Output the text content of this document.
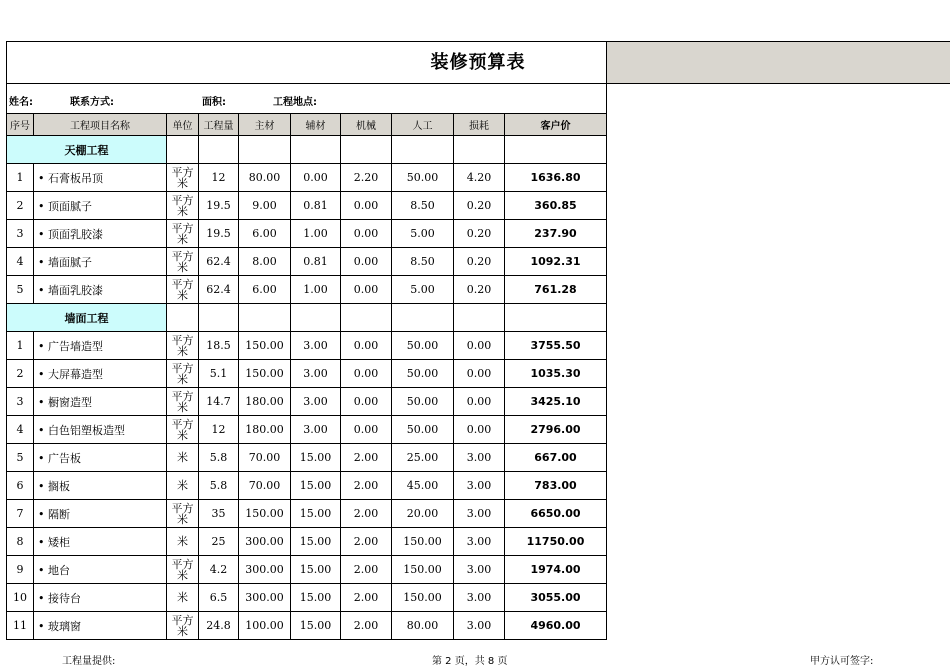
装修预算表
姓名:	联系方式:	面积:	工程地点:
序号	工程项目名称	单位	工程量	主材	辅材	机械	人工	损耗	客户价
天棚工程									
1	• 石膏板吊顶	平方米	12	80.00	0.00	2.20	50.00	4.20	1636.80
2	• 顶面腻子	平方米	19.5	9.00	0.81	0.00	8.50	0.20	360.85
3	• 顶面乳胶漆	平方米	19.5	6.00	1.00	0.00	5.00	0.20	237.90
4	• 墙面腻子	平方米	62.4	8.00	0.81	0.00	8.50	0.20	1092.31
5	• 墙面乳胶漆	平方米	62.4	6.00	1.00	0.00	5.00	0.20	761.28
墙面工程									
1	• 广告墙造型	平方米	18.5	150.00	3.00	0.00	50.00	0.00	3755.50
2	• 大屏幕造型	平方米	5.1	150.00	3.00	0.00	50.00	0.00	1035.30
3	• 橱窗造型	平方米	14.7	180.00	3.00	0.00	50.00	0.00	3425.10
4	• 白色铝塑板造型	平方米	12	180.00	3.00	0.00	50.00	0.00	2796.00
5	• 广告板	米	5.8	70.00	15.00	2.00	25.00	3.00	667.00
6	• 搁板	米	5.8	70.00	15.00	2.00	45.00	3.00	783.00
7	• 隔断	平方米	35	150.00	15.00	2.00	20.00	3.00	6650.00
8	• 矮柜	米	25	300.00	15.00	2.00	150.00	3.00	11750.00
9	• 地台	平方米	4.2	300.00	15.00	2.00	150.00	3.00	1974.00
10	• 接待台	米	6.5	300.00	15.00	2.00	150.00	3.00	3055.00
11	• 玻璃窗	平方米	24.8	100.00	15.00	2.00	80.00	3.00	4960.00
工程量提供:	第 2 页，共 8 页	甲方认可签字:
